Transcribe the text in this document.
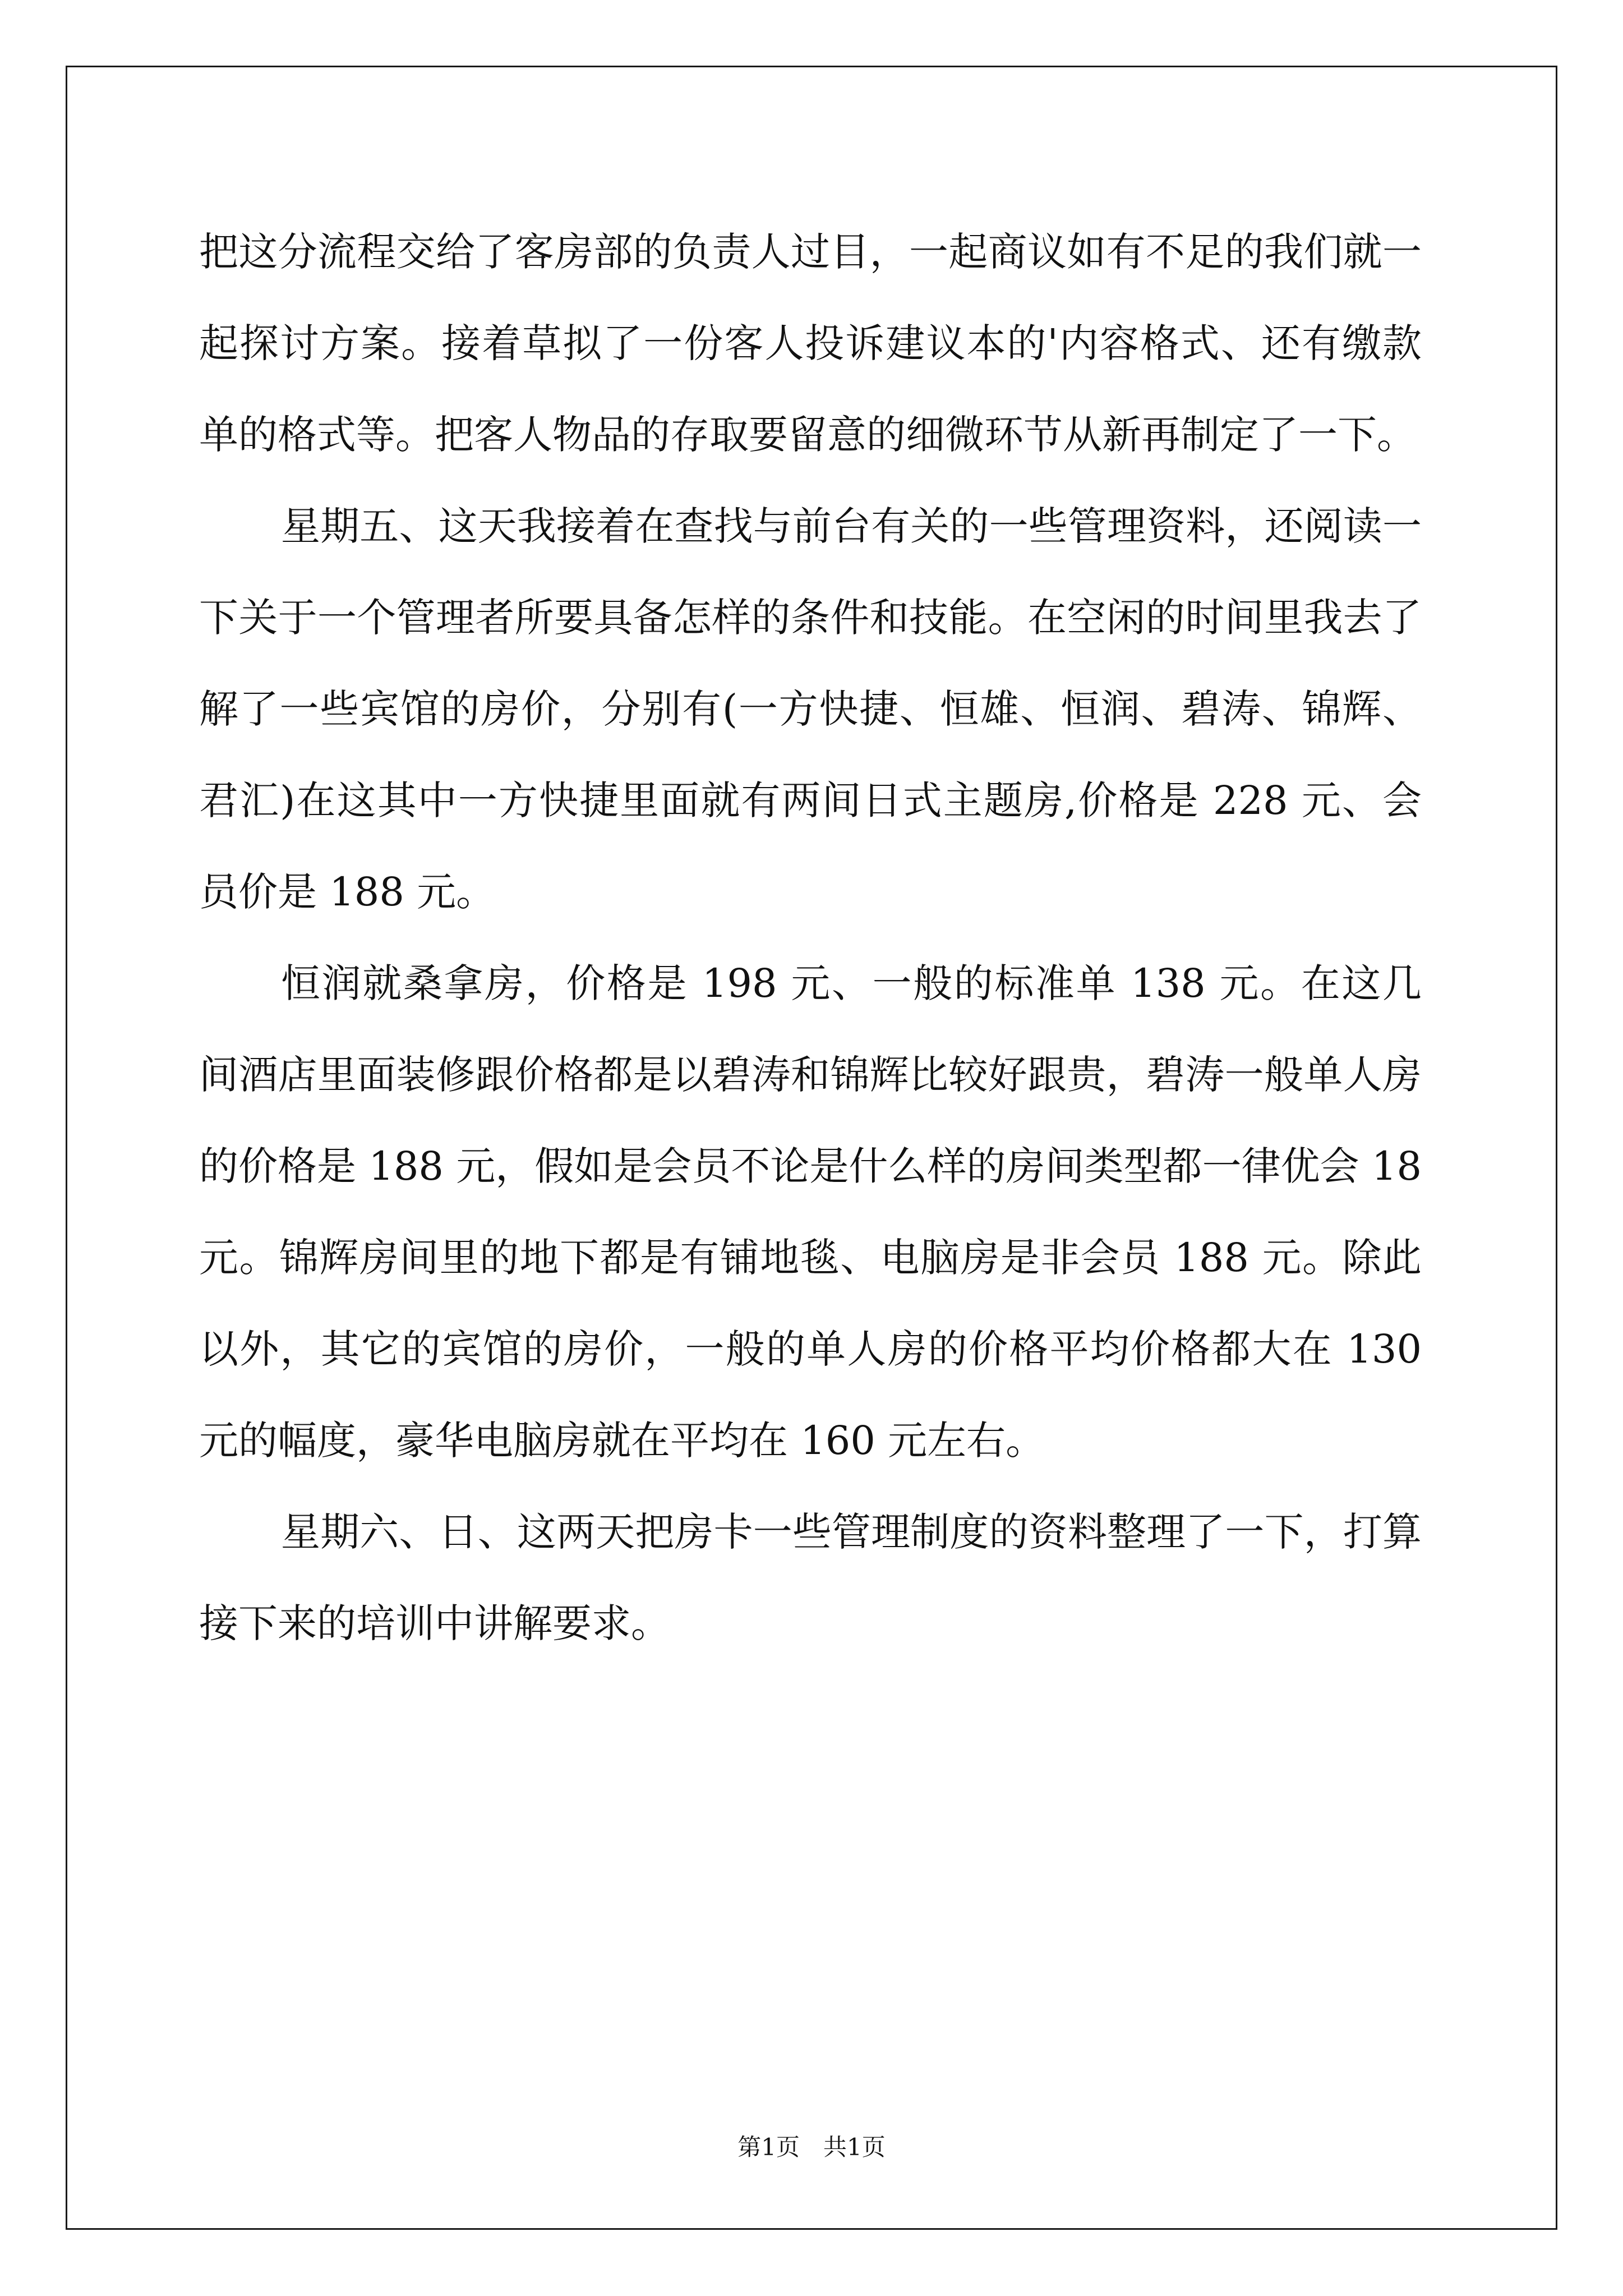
把这分流程交给了客房部的负责人过目，一起商议如有不足的我们就一起探讨方案。接着草拟了一份客人投诉建议本的'内容格式、还有缴款单的格式等。把客人物品的存取要留意的细微环节从新再制定了一下。

星期五、这天我接着在查找与前台有关的一些管理资料，还阅读一下关于一个管理者所要具备怎样的条件和技能。在空闲的时间里我去了解了一些宾馆的房价，分别有(一方快捷、恒雄、恒润、碧涛、锦辉、君汇)在这其中一方快捷里面就有两间日式主题房,价格是 228 元、会员价是 188 元。

恒润就桑拿房，价格是 198 元、一般的标准单 138 元。在这几间酒店里面装修跟价格都是以碧涛和锦辉比较好跟贵，碧涛一般单人房的价格是 188 元，假如是会员不论是什么样的房间类型都一律优会 18 元。锦辉房间里的地下都是有铺地毯、电脑房是非会员 188 元。除此以外，其它的宾馆的房价，一般的单人房的价格平均价格都大在 130 元的幅度，豪华电脑房就在平均在 160 元左右。

星期六、日、这两天把房卡一些管理制度的资料整理了一下，打算接下来的培训中讲解要求。

第1页　共1页
